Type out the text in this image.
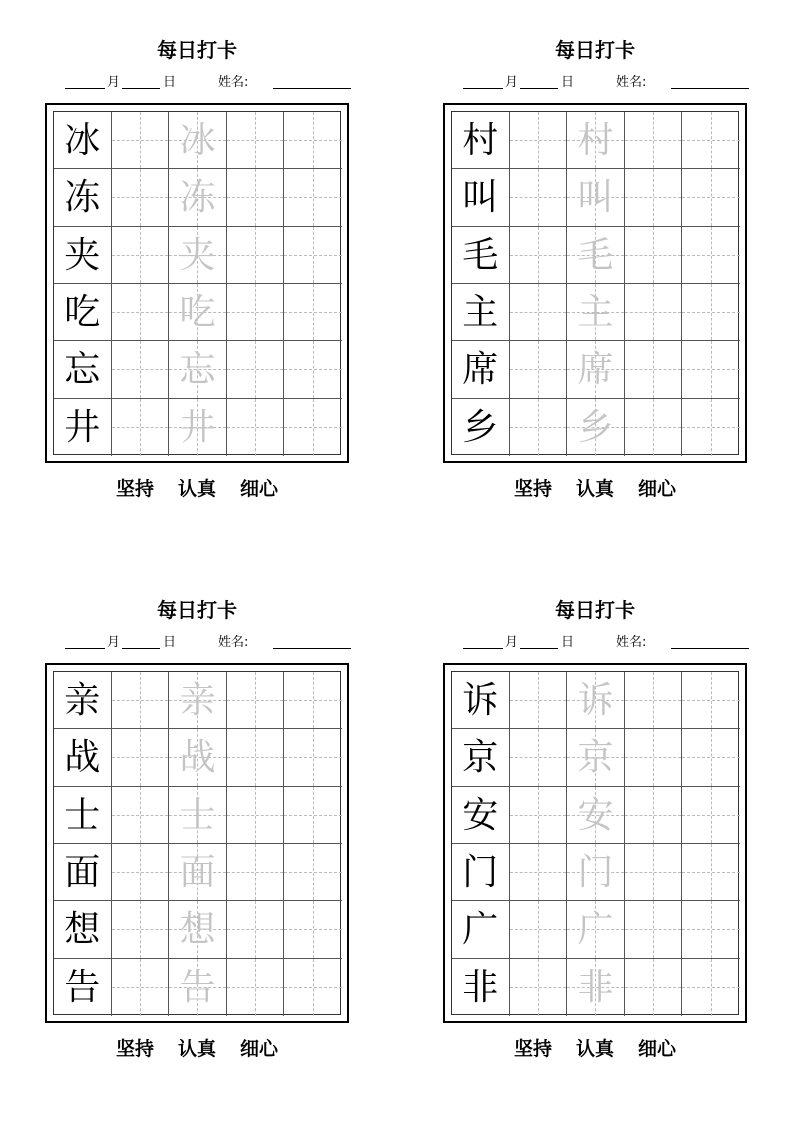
每日打卡
月	日	姓名:
冰 冰
冻 冻
夹 夹
吃 吃
忘 忘
井 井
坚持 认真 细心
每日打卡
月	日	姓名:
村 村
叫 叫
毛 毛
主 主
席 席
乡 乡
坚持 认真 细心
每日打卡
月	日	姓名:
亲 亲
战 战
士 士
面 面
想 想
告 告
坚持 认真 细心
每日打卡
月	日	姓名:
诉 诉
京 京
安 安
门 门
广 广
非 非
坚持 认真 细心
